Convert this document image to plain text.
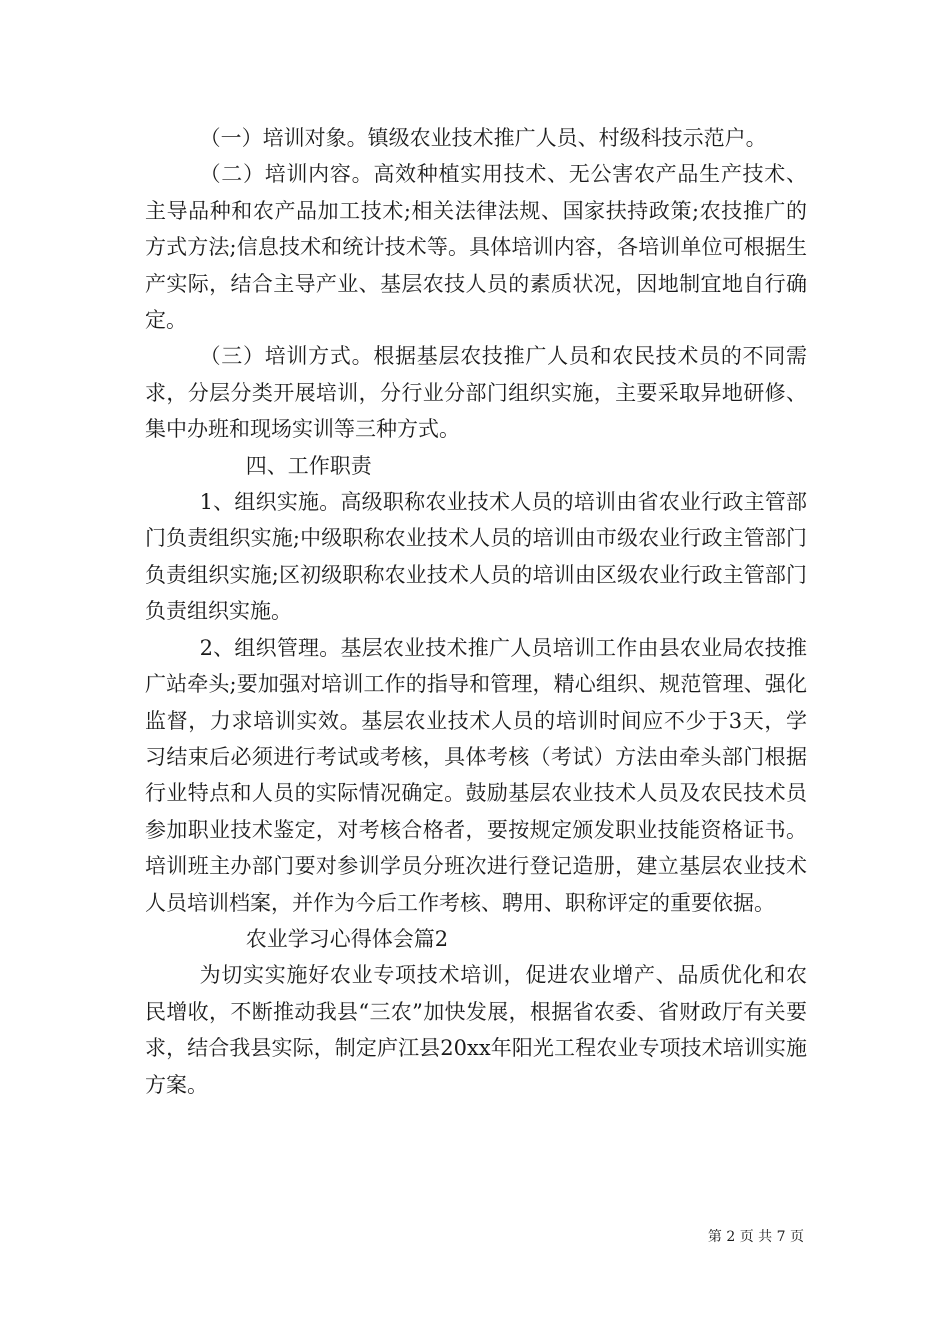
（一）培训对象。镇级农业技术推广人员、村级科技示范户。

（二）培训内容。高效种植实用技术、无公害农产品生产技术、主导品种和农产品加工技术;相关法律法规、国家扶持政策;农技推广的方式方法;信息技术和统计技术等。具体培训内容，各培训单位可根据生产实际，结合主导产业、基层农技人员的素质状况，因地制宜地自行确定。

（三）培训方式。根据基层农技推广人员和农民技术员的不同需求，分层分类开展培训，分行业分部门组织实施，主要采取异地研修、集中办班和现场实训等三种方式。

四、工作职责

1、组织实施。高级职称农业技术人员的培训由省农业行政主管部门负责组织实施;中级职称农业技术人员的培训由市级农业行政主管部门负责组织实施;区初级职称农业技术人员的培训由区级农业行政主管部门负责组织实施。

2、组织管理。基层农业技术推广人员培训工作由县农业局农技推广站牵头;要加强对培训工作的指导和管理，精心组织、规范管理、强化监督，力求培训实效。基层农业技术人员的培训时间应不少于3天，学习结束后必须进行考试或考核，具体考核（考试）方法由牵头部门根据行业特点和人员的实际情况确定。鼓励基层农业技术人员及农民技术员参加职业技术鉴定，对考核合格者，要按规定颁发职业技能资格证书。培训班主办部门要对参训学员分班次进行登记造册，建立基层农业技术人员培训档案，并作为今后工作考核、聘用、职称评定的重要依据。

农业学习心得体会篇2

为切实实施好农业专项技术培训，促进农业增产、品质优化和农民增收，不断推动我县“三农”加快发展，根据省农委、省财政厅有关要求，结合我县实际，制定庐江县20xx年阳光工程农业专项技术培训实施方案。

第 2 页 共 7 页
